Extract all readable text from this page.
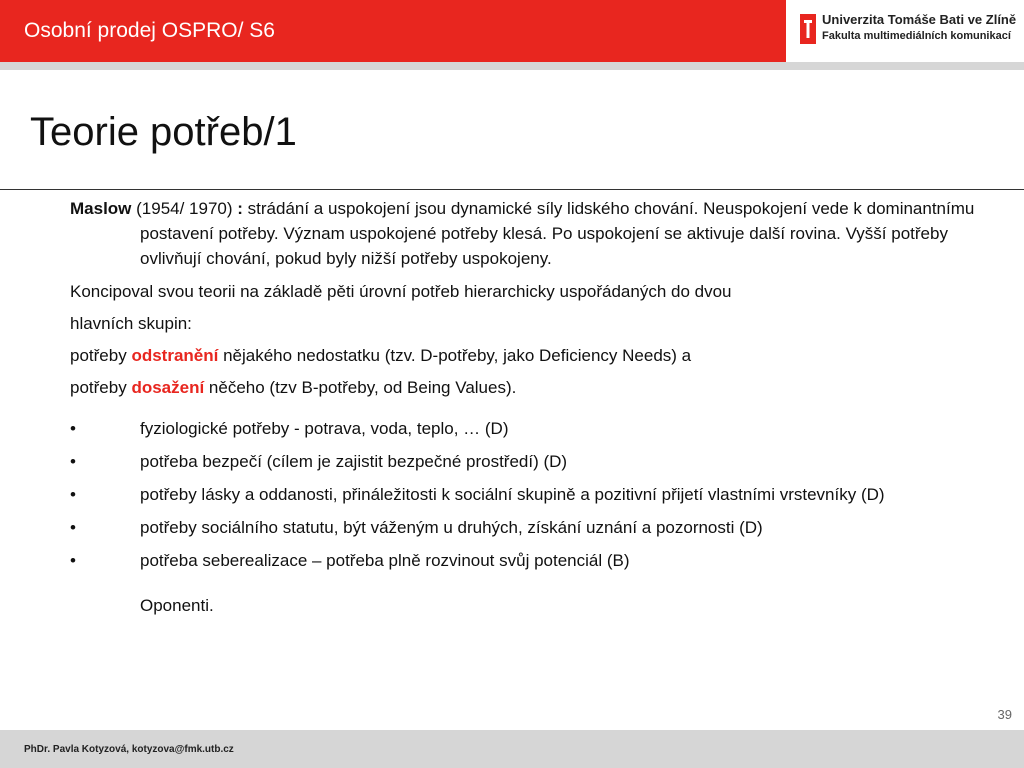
Osobní prodej OSPRO/ S6	Univerzita Tomáše Bati ve Zlíně
Fakulta multimediálních komunikací
Teorie potřeb/1

Maslow (1954/ 1970) : strádání a uspokojení jsou dynamické síly lidského chování. Neuspokojení vede k dominantnímu postavení potřeby. Význam uspokojené potřeby klesá. Po uspokojení se aktivuje další rovina. Vyšší potřeby ovlivňují chování, pokud byly nižší potřeby uspokojeny.

Koncipoval svou teorii na základě pěti úrovní potřeb hierarchicky uspořádaných do dvou

hlavních skupin:

potřeby odstranění nějakého nedostatku (tzv. D-potřeby, jako Deficiency Needs) a

potřeby dosažení něčeho (tzv B-potřeby, od Being Values).

•	fyziologické potřeby - potrava, voda, teplo, … (D)
•	potřeba bezpečí (cílem je zajistit bezpečné prostředí) (D)
•	potřeby lásky a oddanosti, přináležitosti k sociální skupině a pozitivní přijetí vlastními vrstevníky (D)
•	potřeby sociálního statutu, být váženým u druhých, získání uznání a pozornosti (D)
•	potřeba seberealizace – potřeba plně rozvinout svůj potenciál (B)

Oponenti.

39
PhDr. Pavla Kotyzová, kotyzova@fmk.utb.cz
